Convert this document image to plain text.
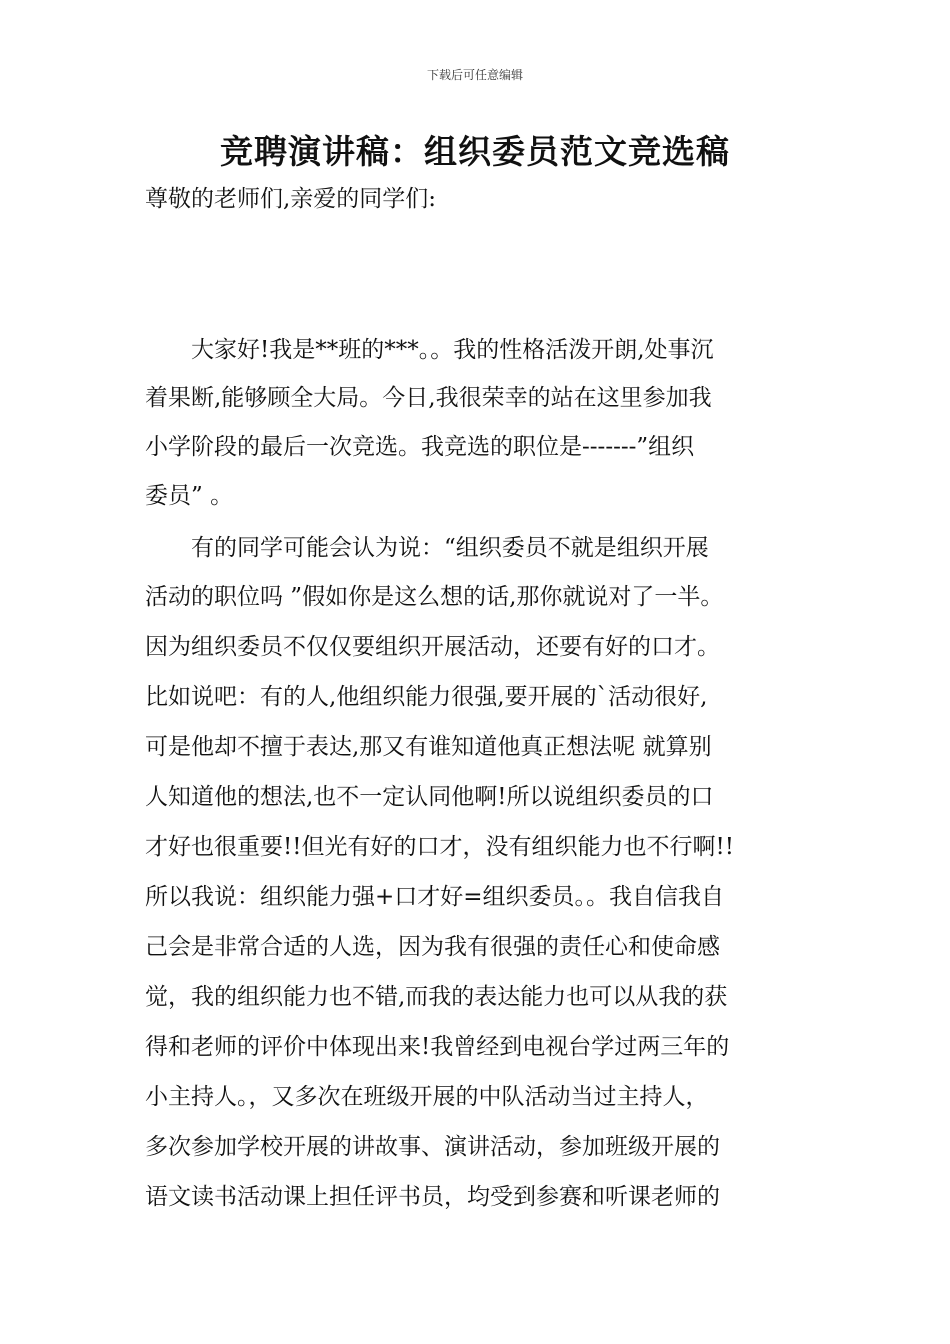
下载后可任意编辑
竞聘演讲稿：组织委员范文竞选稿
尊敬的老师们,亲爱的同学们:
　　大家好!我是**班的***。。我的性格活泼开朗,处事沉
着果断,能够顾全大局。今日,我很荣幸的站在这里参加我
小学阶段的最后一次竞选。我竞选的职位是-------”组织
委员” 。
　　有的同学可能会认为说：“组织委员不就是组织开展
活动的职位吗 ”假如你是这么想的话,那你就说对了一半。
因为组织委员不仅仅要组织开展活动，还要有好的口才。
比如说吧：有的人,他组织能力很强,要开展的`活动很好,
可是他却不擅于表达,那又有谁知道他真正想法呢 就算别
人知道他的想法,也不一定认同他啊!所以说组织委员的口
才好也很重要!!但光有好的口才，没有组织能力也不行啊!!
所以我说：组织能力强+口才好=组织委员。。我自信我自
己会是非常合适的人选，因为我有很强的责任心和使命感
觉，我的组织能力也不错,而我的表达能力也可以从我的获
得和老师的评价中体现出来!我曾经到电视台学过两三年的
小主持人。，又多次在班级开展的中队活动当过主持人，
多次参加学校开展的讲故事、演讲活动，参加班级开展的
语文读书活动课上担任评书员，均受到参赛和听课老师的
